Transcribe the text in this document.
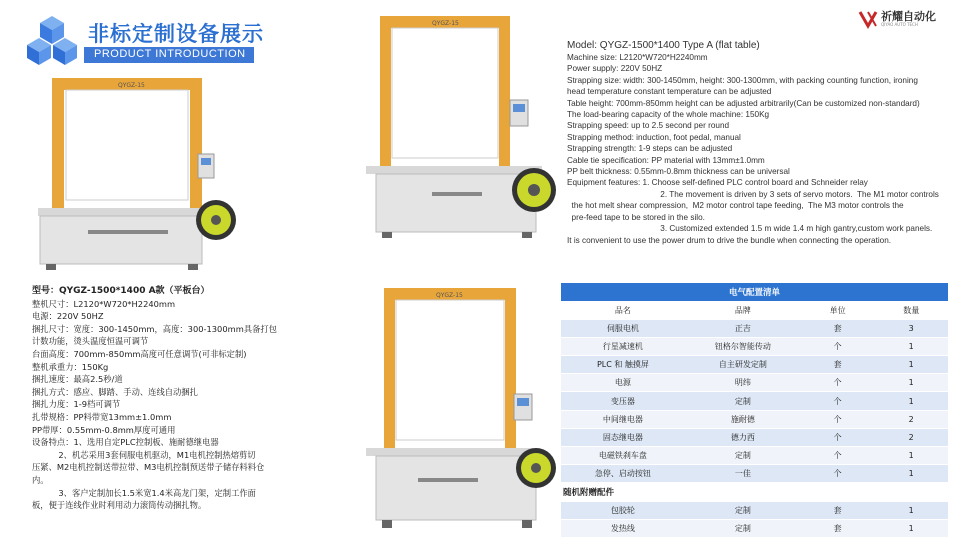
非标定制设备展示
PRODUCT INTRODUCTION
祈耀自动化
QIYAO AUTO TECH
QYGZ-15
QYGZ-15
QYGZ-15
Model: QYGZ-1500*1400 Type A (flat table)
Machine size: L2120*W720*H2240mm
Power supply: 220V 50HZ
Strapping size: width: 300-1450mm, height: 300-1300mm, with packing counting function, ironing
head temperature constant temperature can be adjusted
Table height: 700mm-850mm height can be adjusted arbitrarily(Can be customized non-standard)
The load-bearing capacity of the whole machine: 150Kg
Strapping speed: up to 2.5 second per round
Strapping method: induction, foot pedal, manual
Strapping strength: 1-9 steps can be adjusted
Cable tie specification: PP material with 13mm±1.0mm
PP belt thickness: 0.55mm-0.8mm thickness can be universal
Equipment features: 1. Choose self-defined PLC control board and Schneider relay
2. The movement is driven by 3 sets of servo motors.  The M1 motor controls
the hot melt shear compression,  M2 motor control tape feeding,  The M3 motor controls the
pre-feed tape to be stored in the silo.
3. Customized extended 1.5 m wide 1.4 m high gantry,custom work panels.
It is convenient to use the power drum to drive the bundle when connecting the operation.
型号：QYGZ-1500*1400 A款（平板台）
整机尺寸：L2120*W720*H2240mm
电源：220V 50HZ
捆扎尺寸：宽度：300-1450mm，高度：300-1300mm具备打包
计数功能，烫头温度恒温可调节
台面高度：700mm-850mm高度可任意调节(可非标定制)
整机承重力：150Kg
捆扎速度：最高2.5秒/道
捆扎方式：感应、脚踏、手动、连线自动捆扎
捆扎力度：1-9档可调节
扎带规格：PP料带宽13mm±1.0mm
PP带厚：0.55mm-0.8mm厚度可通用
设备特点：1、选用自定PLC控制板、施耐德继电器
2、机芯采用3套伺服电机驱动，M1电机控制热熔剪切
压紧、M2电机控制送带拉带、M3电机控制预送带子储存料料仓
内。
3、客户定制加长1.5米宽1.4米高龙门架，定制工作面
板，便于连线作业时利用动力滚筒传动捆扎物。
电气配置清单			
品名	品牌	单位	数量
伺服电机	正吉	套	3
行星减速机	钮格尔智能传动	个	1
PLC 和 触摸屏	自主研发定制	套	1
电源	明纬	个	1
变压器	定制	个	1
中间继电器	施耐德	个	2
固态继电器	德力西	个	2
电磁铁刹车盘	定制	个	1
急停、启动按钮	一佳	个	1
随机附赠配件			
包胶轮	定制	套	1
发热线	定制	套	1
